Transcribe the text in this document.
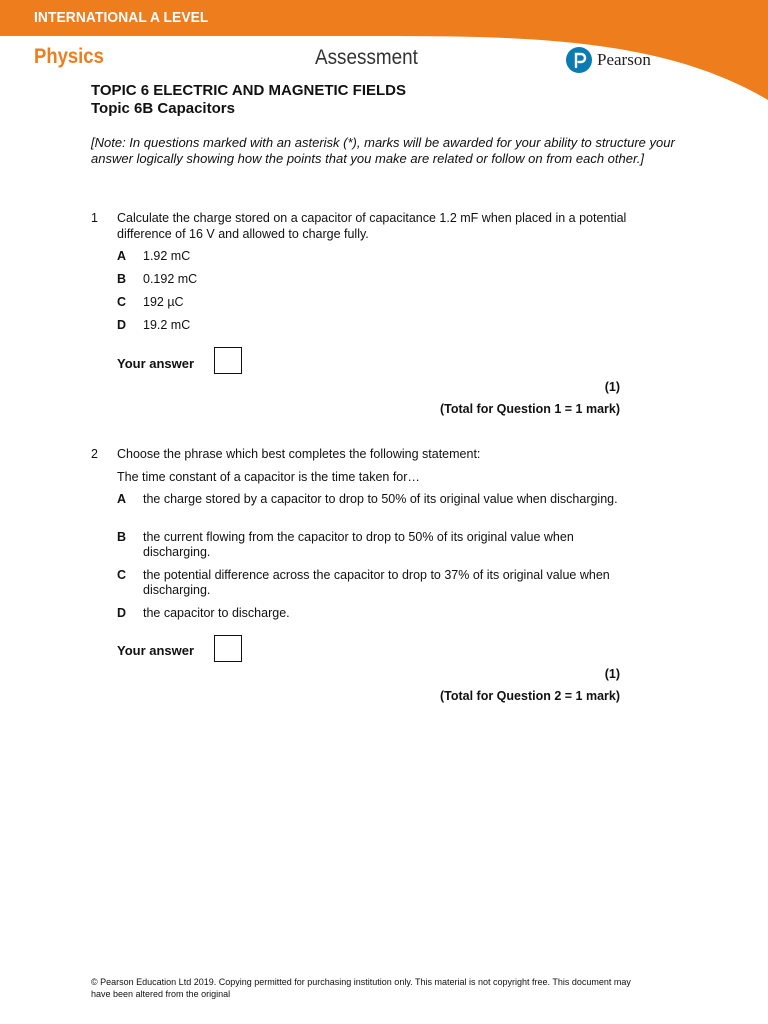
INTERNATIONAL A LEVEL
Physics	Assessment	Pearson
TOPIC 6 ELECTRIC AND MAGNETIC FIELDS
Topic 6B Capacitors
[Note: In questions marked with an asterisk (*), marks will be awarded for your ability to structure your answer logically showing how the points that you make are related or follow on from each other.]
1 Calculate the charge stored on a capacitor of capacitance 1.2 mF when placed in a potential difference of 16 V and allowed to charge fully.
A 1.92 mC
B 0.192 mC
C 192 µC
D 19.2 mC
Your answer
(1)
(Total for Question 1 = 1 mark)
2 Choose the phrase which best completes the following statement:
The time constant of a capacitor is the time taken for…
A the charge stored by a capacitor to drop to 50% of its original value when discharging.
B the current flowing from the capacitor to drop to 50% of its original value when discharging.
C the potential difference across the capacitor to drop to 37% of its original value when discharging.
D the capacitor to discharge.
Your answer
(1)
(Total for Question 2 = 1 mark)
© Pearson Education Ltd 2019. Copying permitted for purchasing institution only. This material is not copyright free. This document may have been altered from the original
